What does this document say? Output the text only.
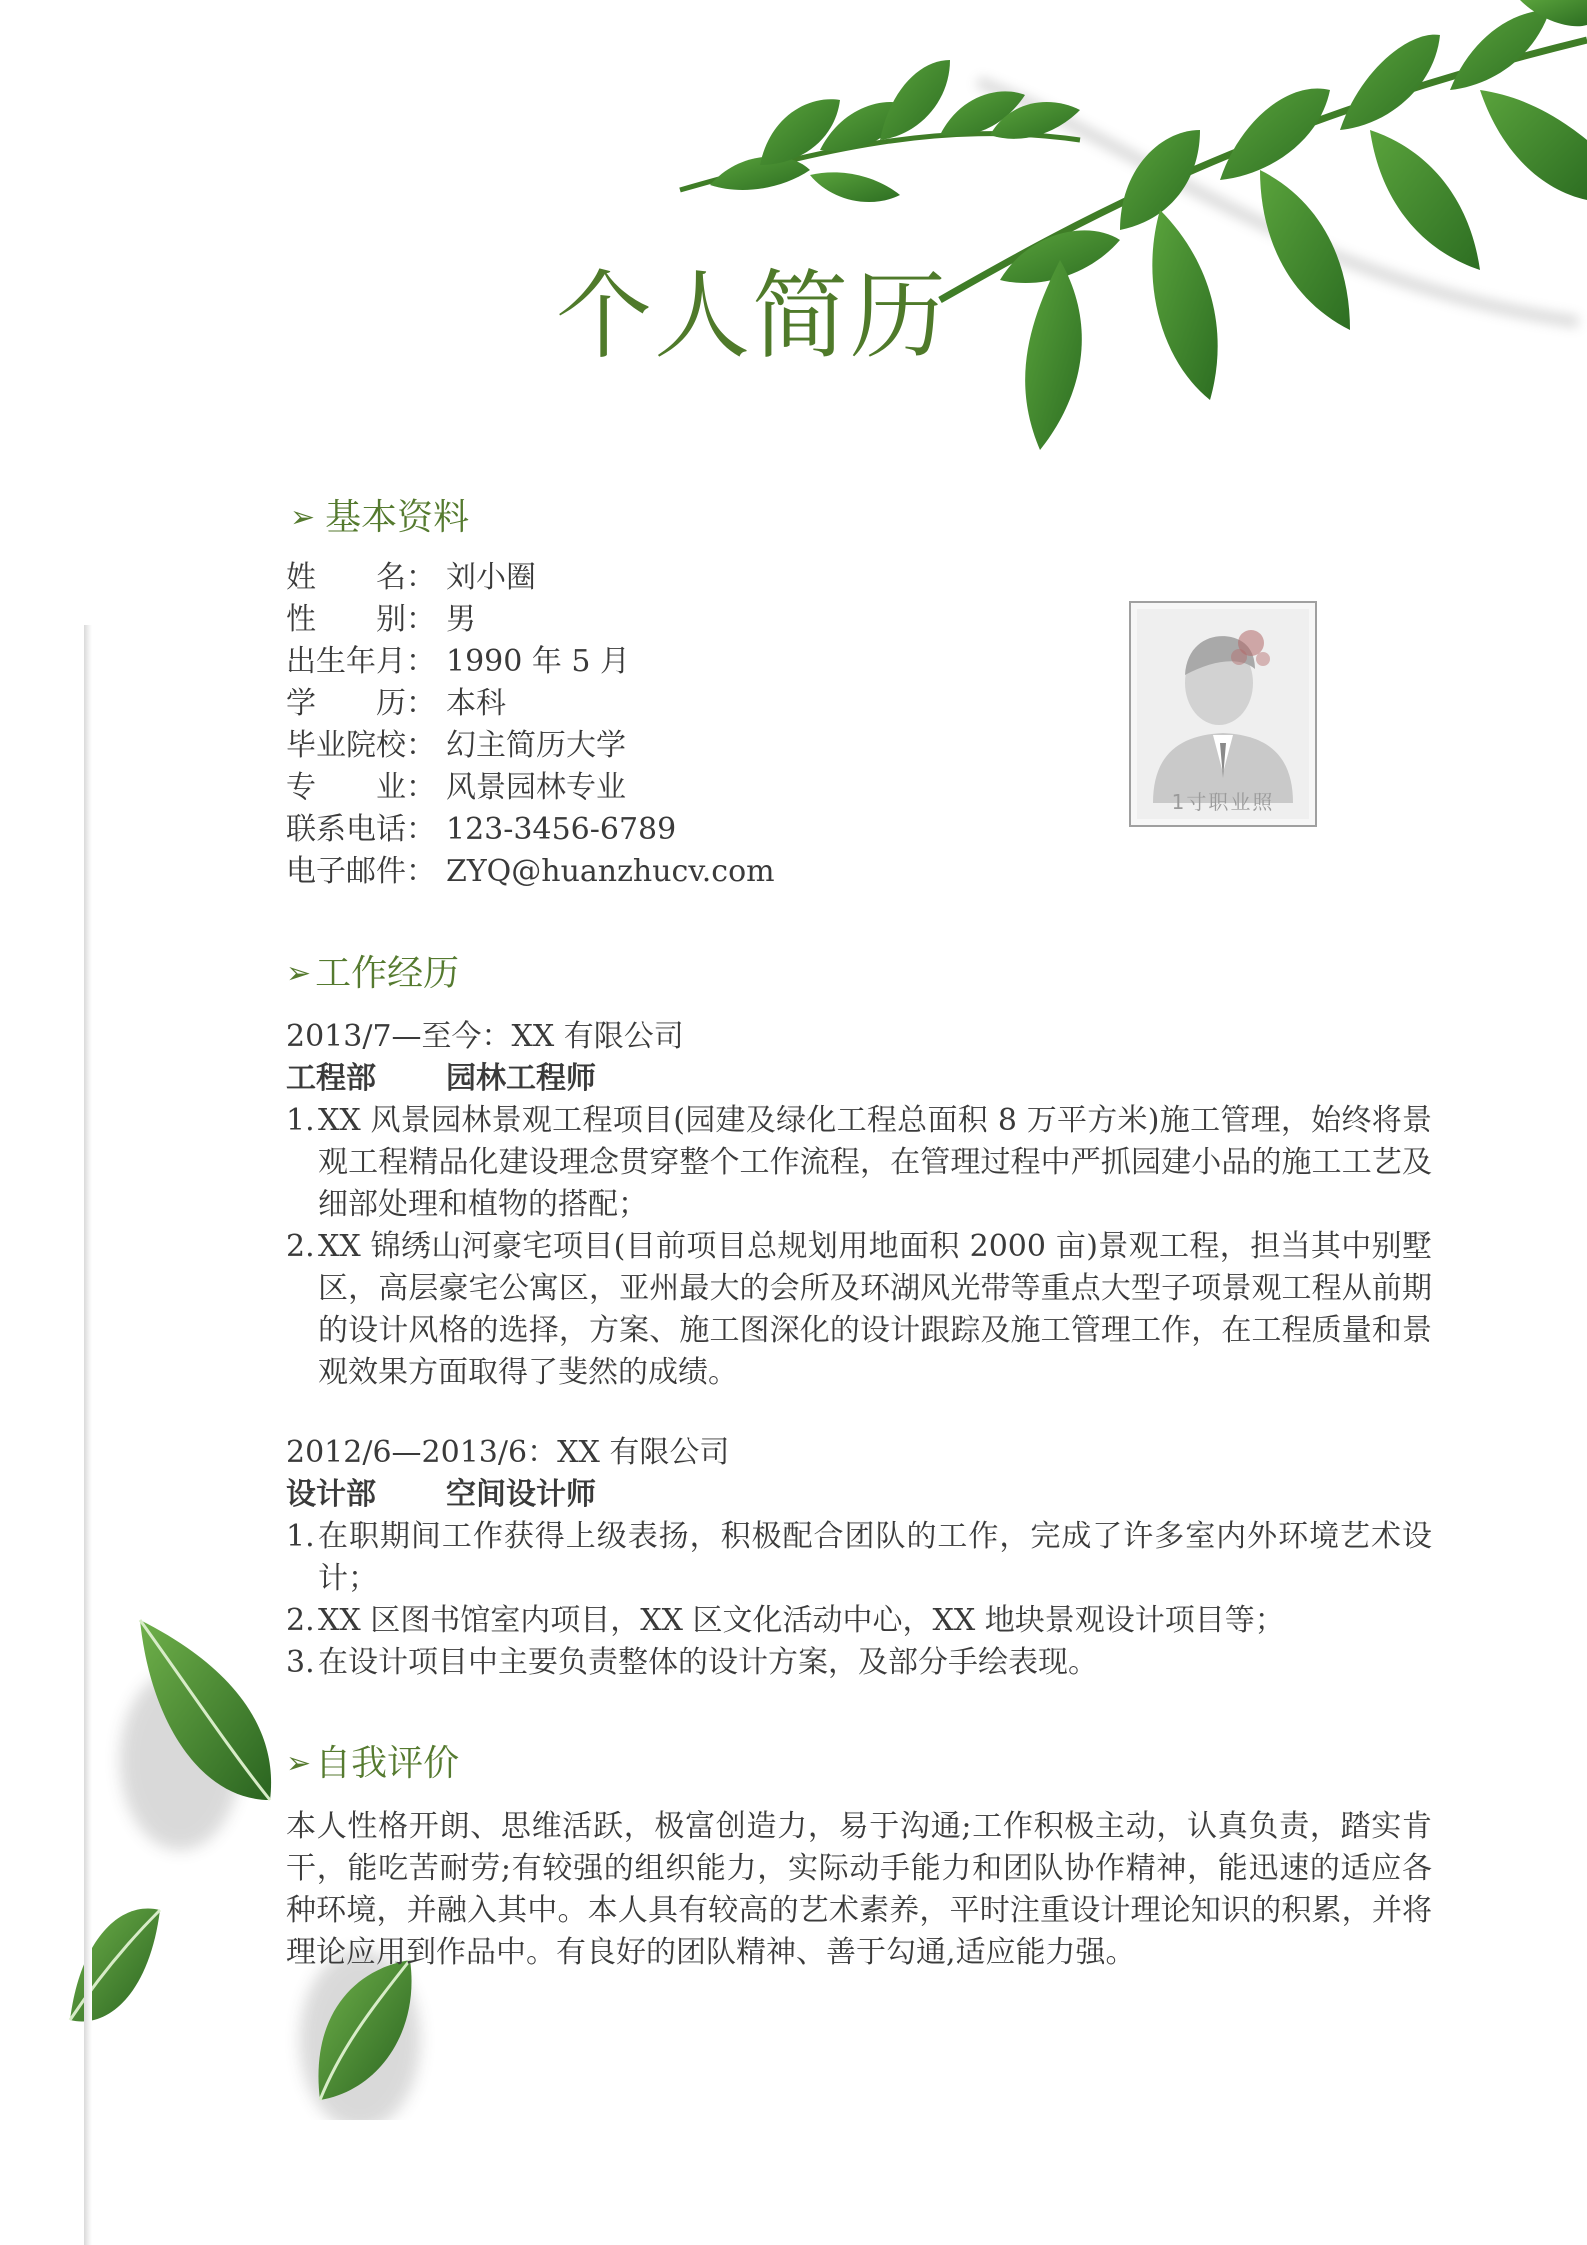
个人简历
➢ 基本资料
姓　　名： 刘小圈
性　　别： 男
出生年月： 1990 年 5 月
学　　历： 本科
毕业院校： 幻主简历大学
专　　业： 风景园林专业
联系电话： 123-3456-6789
电子邮件： ZYQ@huanzhucv.com
1寸职业照
➢ 工作经历
2013/7—至今：XX 有限公司
工程部 园林工程师
1. XX 风景园林景观工程项目(园建及绿化工程总面积 8 万平方米)施工管理，始终将景观工程精品化建设理念贯穿整个工作流程，在管理过程中严抓园建小品的施工工艺及细部处理和植物的搭配；
2. XX 锦绣山河豪宅项目(目前项目总规划用地面积 2000 亩)景观工程，担当其中别墅区，高层豪宅公寓区，亚州最大的会所及环湖风光带等重点大型子项景观工程从前期的设计风格的选择，方案、施工图深化的设计跟踪及施工管理工作，在工程质量和景观效果方面取得了斐然的成绩。
2012/6—2013/6：XX 有限公司
设计部 空间设计师
1. 在职期间工作获得上级表扬，积极配合团队的工作，完成了许多室内外环境艺术设计；
2. XX 区图书馆室内项目，XX 区文化活动中心，XX 地块景观设计项目等；
3. 在设计项目中主要负责整体的设计方案，及部分手绘表现。
➢ 自我评价

本人性格开朗、思维活跃，极富创造力，易于沟通;工作积极主动，认真负责，踏实肯干，能吃苦耐劳;有较强的组织能力，实际动手能力和团队协作精神，能迅速的适应各种环境，并融入其中。本人具有较高的艺术素养，平时注重设计理论知识的积累，并将理论应用到作品中。有良好的团队精神、善于勾通,适应能力强。
